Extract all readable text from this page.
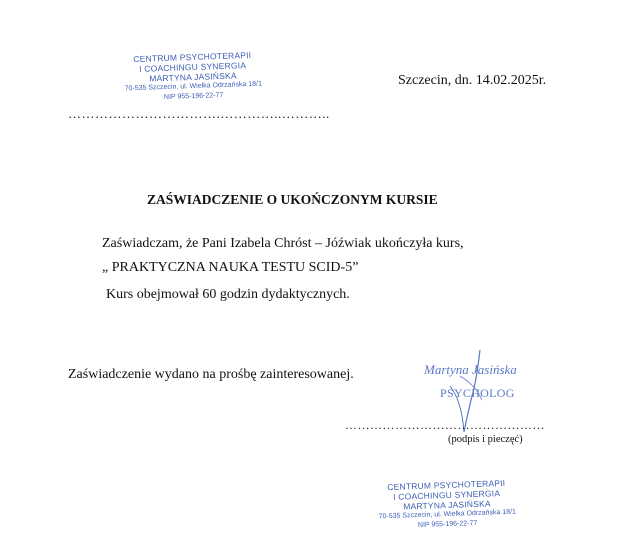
CENTRUM PSYCHOTERAPII
I COACHINGU SYNERGIA
MARTYNA JASIŃSKA
70-535 Szczecin, ul. Wielka Odrzańska 18/1
NIP 955-196-22-77
Szczecin, dn. 14.02.2025r.
…………………………….…………..………..
ZAŚWIADCZENIE O UKOŃCZONYM KURSIE
Zaświadczam, że Pani Izabela Chróst – Jóźwiak ukończyła kurs,
„ PRAKTYCZNA NAUKA TESTU SCID-5”
Kurs obejmował 60 godzin dydaktycznych.
Zaświadczenie wydano na prośbę zainteresowanej.	Martyna Jasińska
PSYCHOLOG
…………………………………………
(podpis i pieczęć)
CENTRUM PSYCHOTERAPII
I COACHINGU SYNERGIA
MARTYNA JASIŃSKA
70-535 Szczecin, ul. Wielka Odrzańska 18/1
NIP 955-196-22-77
